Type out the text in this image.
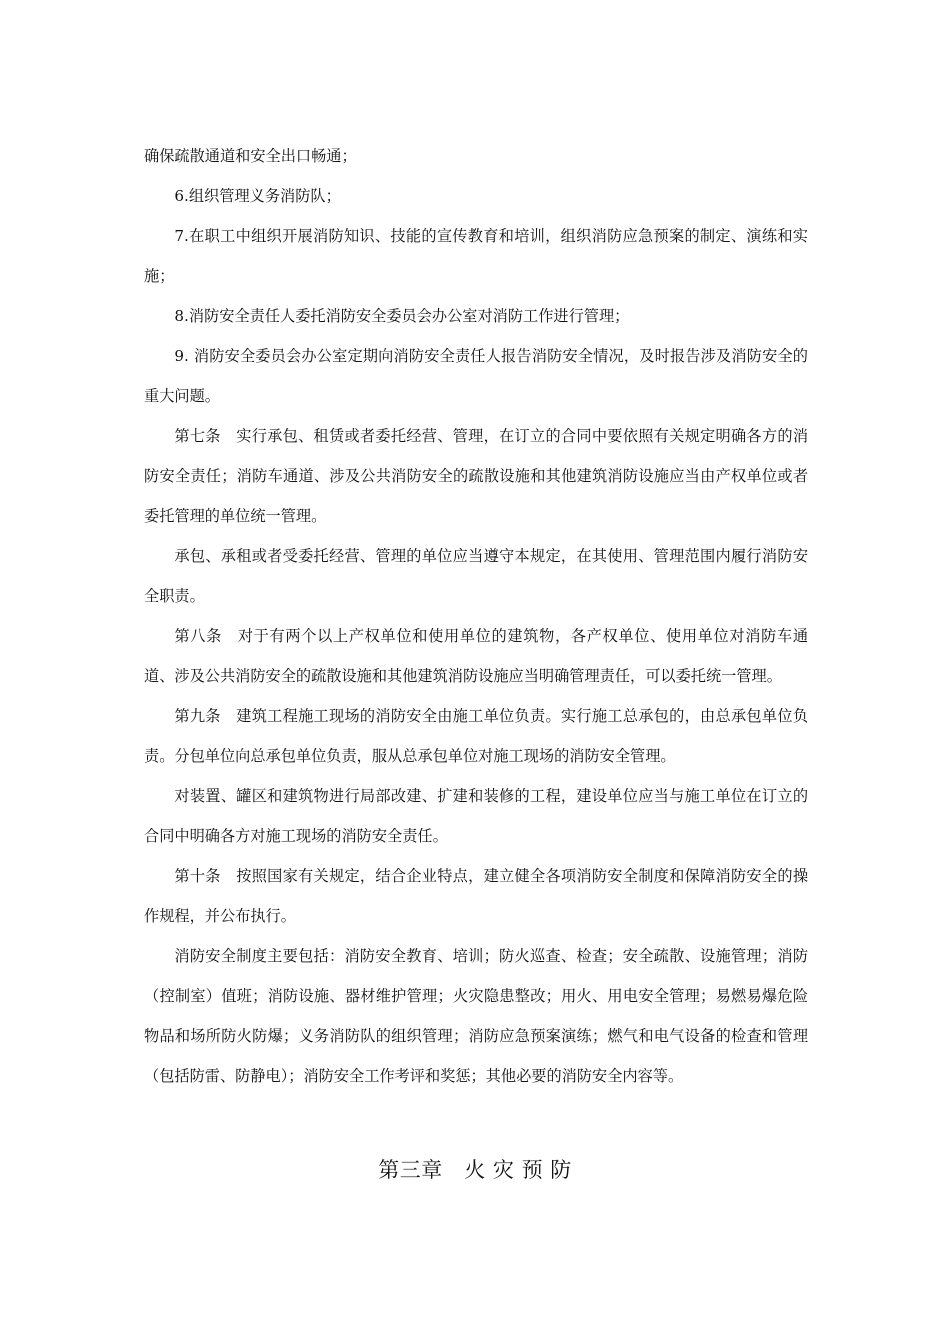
确保疏散通道和安全出口畅通；

6.组织管理义务消防队；

7.在职工中组织开展消防知识、技能的宣传教育和培训，组织消防应急预案的制定、演练和实施；

8.消防安全责任人委托消防安全委员会办公室对消防工作进行管理；

9. 消防安全委员会办公室定期向消防安全责任人报告消防安全情况，及时报告涉及消防安全的重大问题。

第七条　实行承包、租赁或者委托经营、管理，在订立的合同中要依照有关规定明确各方的消防安全责任；消防车通道、涉及公共消防安全的疏散设施和其他建筑消防设施应当由产权单位或者委托管理的单位统一管理。

承包、承租或者受委托经营、管理的单位应当遵守本规定，在其使用、管理范围内履行消防安全职责。

第八条　对于有两个以上产权单位和使用单位的建筑物，各产权单位、使用单位对消防车通道、涉及公共消防安全的疏散设施和其他建筑消防设施应当明确管理责任，可以委托统一管理。

第九条　建筑工程施工现场的消防安全由施工单位负责。实行施工总承包的，由总承包单位负责。分包单位向总承包单位负责，服从总承包单位对施工现场的消防安全管理。

对装置、罐区和建筑物进行局部改建、扩建和装修的工程，建设单位应当与施工单位在订立的合同中明确各方对施工现场的消防安全责任。

第十条　按照国家有关规定，结合企业特点，建立健全各项消防安全制度和保障消防安全的操作规程，并公布执行。

消防安全制度主要包括：消防安全教育、培训；防火巡查、检查；安全疏散、设施管理；消防（控制室）值班；消防设施、器材维护管理；火灾隐患整改；用火、用电安全管理；易燃易爆危险物品和场所防火防爆；义务消防队的组织管理；消防应急预案演练；燃气和电气设备的检查和管理（包括防雷、防静电）；消防安全工作考评和奖惩；其他必要的消防安全内容等。

第三章　火 灾 预 防
